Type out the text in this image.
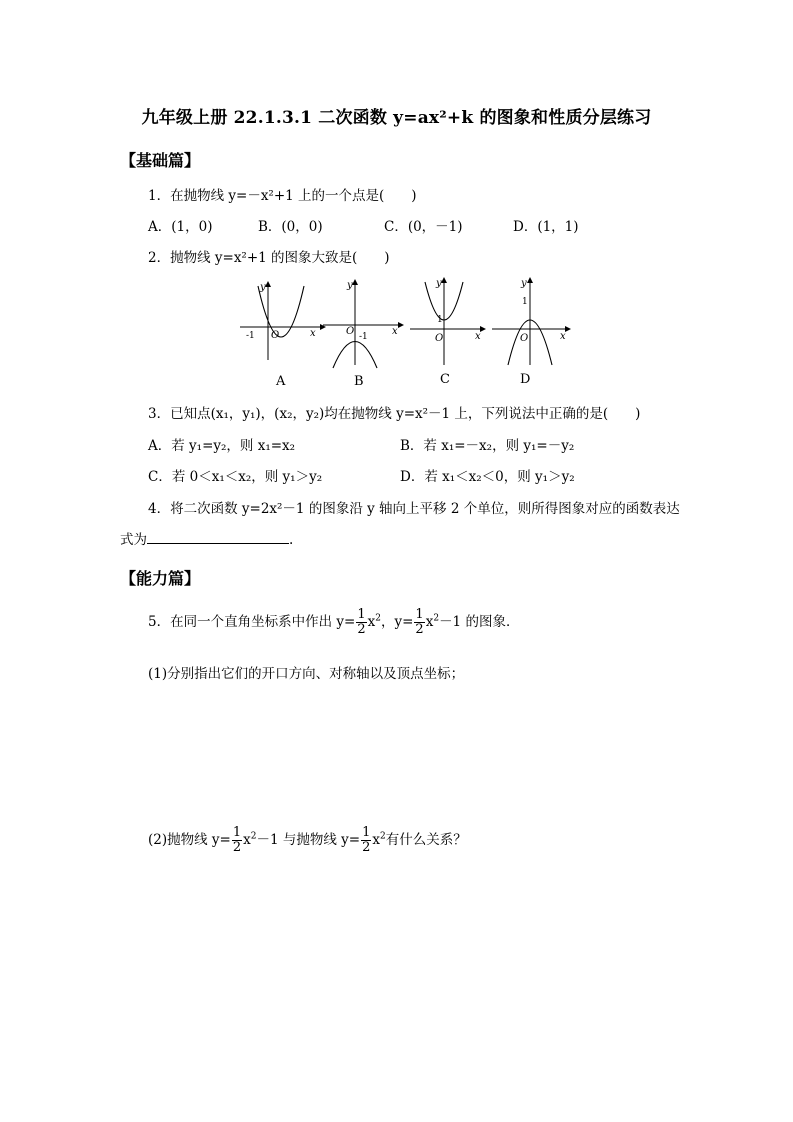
九年级上册 22.1.3.1 二次函数 y=ax²+k 的图象和性质分层练习
【基础篇】
1．在抛物线 y=－x²+1 上的一个点是(　　)
A．(1，0)	B．(0，0)	C．(0，－1)	D．(1，1)
2．抛物线 y=x²+1 的图象大致是(　　)
y
x
O
-1
A
y
x
O -1
B
y
x
O
1
C
y
x
O
1
D
3．已知点(x₁，y₁)，(x₂，y₂)均在抛物线 y=x²－1 上，下列说法中正确的是(　　)
A．若 y₁=y₂，则 x₁=x₂	B．若 x₁=－x₂，则 y₁=－y₂
C．若 0＜x₁＜x₂，则 y₁＞y₂	D．若 x₁＜x₂＜0，则 y₁＞y₂
4．将二次函数 y=2x²－1 的图象沿 y 轴向上平移 2 个单位，则所得图象对应的函数表达
式为	.
【能力篇】
5．在同一个直角坐标系中作出 $y= \frac{1}{2} x^2$，$y= \frac{1}{2} x^2-1$ 的图象．
(1)分别指出它们的开口方向、对称轴以及顶点坐标；
(2)抛物线 $y= \frac{1}{2} x^2-1$ 与抛物线 $y= \frac{1}{2} x^2$有什么关系？
